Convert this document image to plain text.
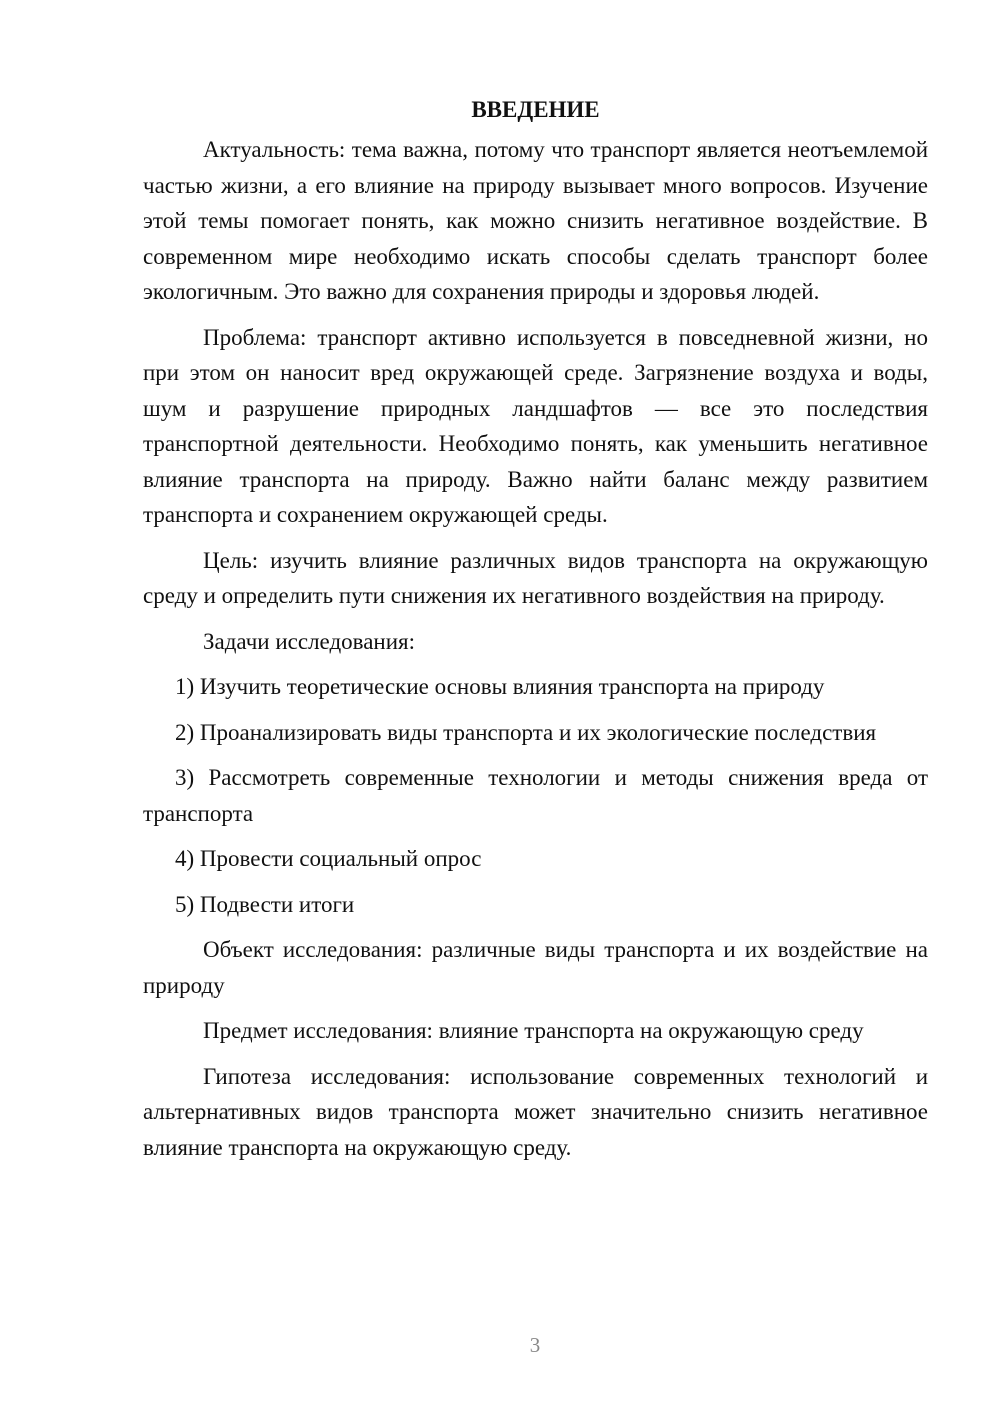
ВВЕДЕНИЕ

Актуальность: тема важна, потому что транспорт является неотъемлемой частью жизни, а его влияние на природу вызывает много вопросов. Изучение этой темы помогает понять, как можно снизить негативное воздействие. В современном мире необходимо искать способы сделать транспорт более экологичным. Это важно для сохранения природы и здоровья людей.

Проблема: транспорт активно используется в повседневной жизни, но при этом он наносит вред окружающей среде. Загрязнение воздуха и воды, шум и разрушение природных ландшафтов — все это последствия транспортной деятельности. Необходимо понять, как уменьшить негативное влияние транспорта на природу. Важно найти баланс между развитием транспорта и сохранением окружающей среды.

Цель: изучить влияние различных видов транспорта на окружающую среду и определить пути снижения их негативного воздействия на природу.

Задачи исследования:

1) Изучить теоретические основы влияния транспорта на природу

2) Проанализировать виды транспорта и их экологические последствия

3) Рассмотреть современные технологии и методы снижения вреда от транспорта

4) Провести социальный опрос

5) Подвести итоги

Объект исследования: различные виды транспорта и их воздействие на природу

Предмет исследования: влияние транспорта на окружающую среду

Гипотеза исследования: использование современных технологий и альтернативных видов транспорта может значительно снизить негативное влияние транспорта на окружающую среду.

3
